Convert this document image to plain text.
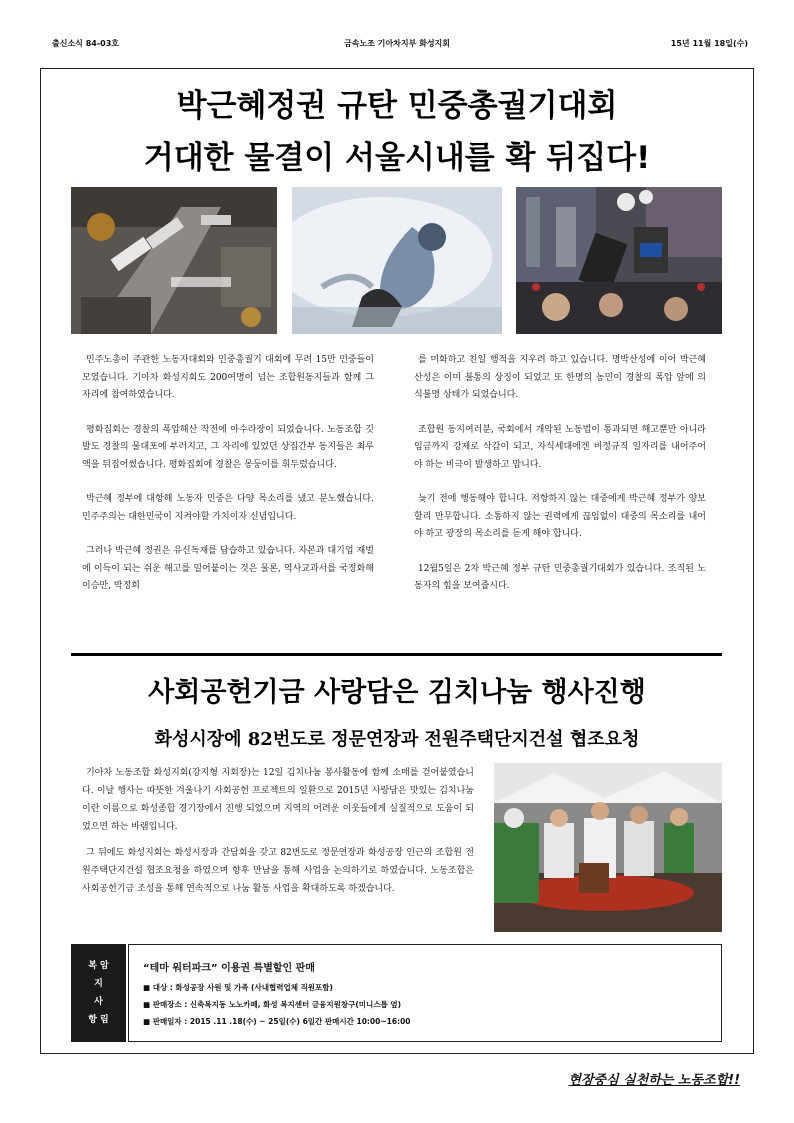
출신소식 84-03호	금속노조 기아차지부 화성지회	15년 11월 18일(수)
박근혜정권 규탄 민중총궐기대회
거대한 물결이 서울시내를 확 뒤집다!

민주노총이 주관한 노동자대회와 민중총궐기 대회에 무려 15만 민중들이 모였습니다. 기아차 화성지회도 200여명이 넘는 조합원동지들과 함께 그 자리에 참여하였습니다.

평화집회는 경찰의 폭압해산 작전에 아수라장이 되었습니다. 노동조합 깃발도 경찰의 물대포에 부러지고, 그 자리에 있었던 상집간부 동지들은 최루액을 뒤집어썼습니다. 평화집회에 경찰은 몽둥이를 휘두렀습니다.

박근혜 정부에 대항해 노동자 민중은 다양 목소리를 냈고 분노했습니다. 민주주의는 대한민국이 지켜야할 가치이자 신념입니다.

그러나 박근혜 정권은 유신독재를 답습하고 있습니다. 자본과 대기업 재벌에 이득이 되는 쉬운 해고를 밀어붙이는 것은 물론, 역사교과서를 국정화해 이승만, 박정희

를 미화하고 친일 행적을 지우려 하고 있습니다. 명박산성에 이어 박근혜 산성은 이미 불통의 상징이 되었고 또 한명의 농민이 경찰의 폭압 앞에 의식불명 상태가 되었습니다.

조합원 동지여러분, 국회에서 개악된 노동법이 통과되면 해고뿐만 아니라 임금까지 강제로 삭감이 되고, 자식세대에겐 비정규직 일자리를 내어주어야 하는 비극이 발생하고 맙니다.

늦기 전에 행동해야 합니다. 저항하지 않는 대중에게 박근혜 정부가 양보할리 만무합니다. 소통하지 않는 권력에게 끊임없이 대중의 목소리를 내어야 하고 광장의 목소리를 듣게 해야 합니다.

12월5일은 2차 박근혜 정부 규탄 민중총궐기대회가 있습니다. 조직된 노동자의 힘을 보여줍시다.

사회공헌기금 사랑담은 김치나눔 행사진행
화성시장에 82번도로 정문연장과 전원주택단지건설 협조요청

기아차 노동조합 화성지회(강지형 지회장)는 12일 김치나눔 봉사활동에 함께 소매를 걷어붙였습니다. 이날 행사는 따뜻한 겨울나기 사회공헌 프로젝트의 일환으로 2015년 사랑담은 맛있는 김치나눔이란 이름으로 화성종합 경기장에서 진행 되었으며 지역의 어려운 이웃들에게 실질적으로 도움이 되었으면 하는 바램입니다.

그 뒤에도 화성지회는 화성시장과 간담회을 갖고 82번도로 정문연장과 화성공장 인근의 조합원 전원주택단지건설 협조요청을 하였으며 향후 만남을 통해 사업을 논의하기로 하였습니다. 노동조합은 사회공헌기금 조성을 통해 연속적으로 나눔 활동 사업을 확대하도록 하겠습니다.

복 암
지
사
항 림
“테마 워터파크” 이용권 특별할인 판매
■ 대상 : 화성공장 사원 및 가족 (사내협력업체 직원포함)
■ 판매장소 : 신축복지동 노노카페, 화성 복지센터 금융지원창구(미니스톱 옆)
■ 판매일자 : 2015 .11 .18(수) ~ 25일(수) 6일간 판매시간 10:00~16:00
현장중심 실천하는 노동조합!!
